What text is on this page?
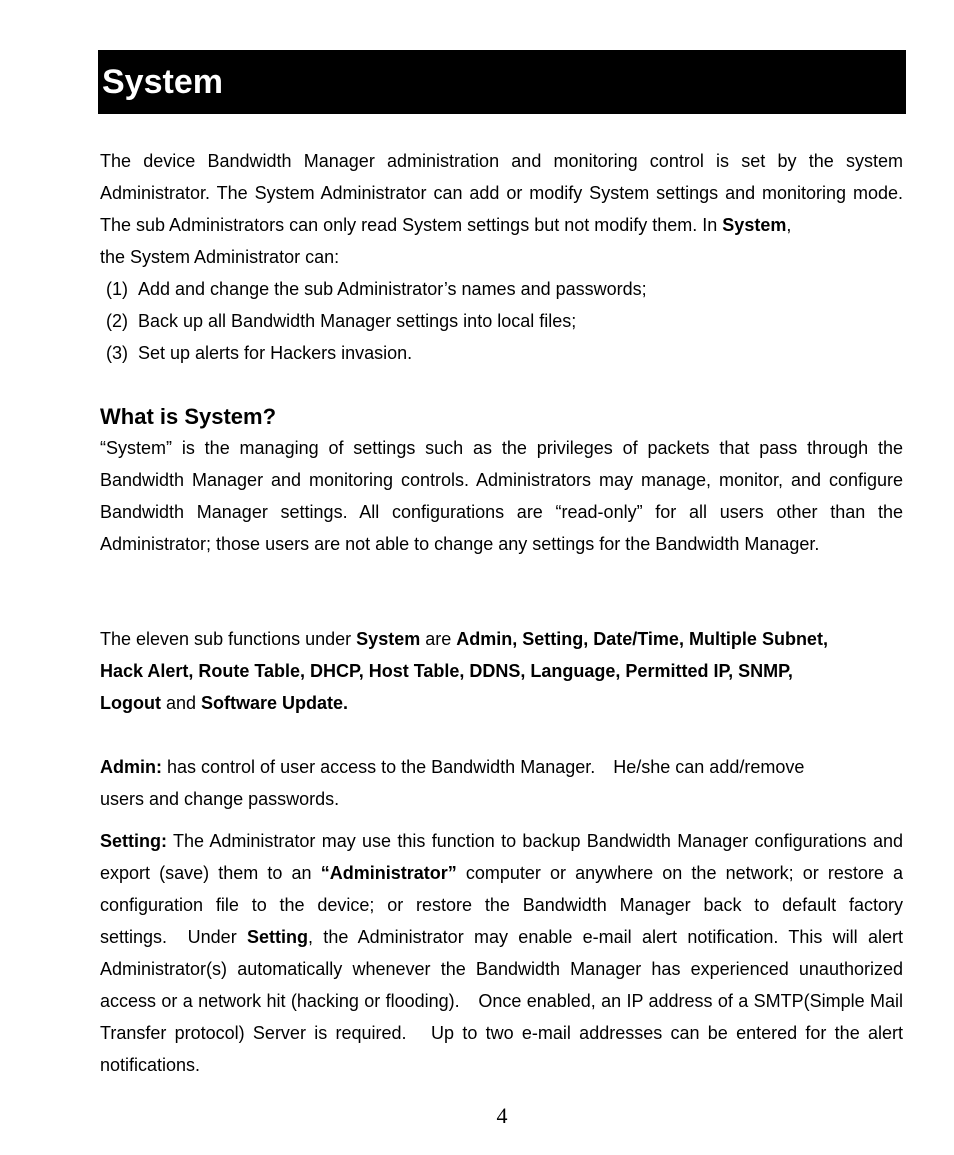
System

The device Bandwidth Manager administration and monitoring control is set by the system Administrator. The System Administrator can add or modify System settings and monitoring mode. The sub Administrators can only read System settings but not modify them. In System,
the System Administrator can:

(1) Add and change the sub Administrator’s names and passwords;
(2) Back up all Bandwidth Manager settings into local files;
(3) Set up alerts for Hackers invasion.
What is System?

“System” is the managing of settings such as the privileges of packets that pass through the Bandwidth Manager and monitoring controls. Administrators may manage, monitor, and configure Bandwidth Manager settings. All configurations are “read-only” for all users other than the Administrator; those users are not able to change any settings for the Bandwidth Manager.

The eleven sub functions under System are Admin, Setting, Date/Time, Multiple Subnet,
Hack Alert, Route Table, DHCP, Host Table, DDNS, Language, Permitted IP, SNMP,
Logout and Software Update.

Admin: has control of user access to the Bandwidth Manager.　He/she can add/remove
users and change passwords.

Setting: The Administrator may use this function to backup Bandwidth Manager configurations and export (save) them to an “Administrator” computer or anywhere on the network; or restore a configuration file to the device; or restore the Bandwidth Manager back to default factory settings.  Under Setting, the Administrator may enable e-mail alert notification. This will alert Administrator(s) automatically whenever the Bandwidth Manager has experienced unauthorized access or a network hit (hacking or flooding).　Once enabled, an IP address of a SMTP(Simple Mail Transfer protocol) Server is required.　Up to two e-mail addresses can be entered for the alert notifications.

4
